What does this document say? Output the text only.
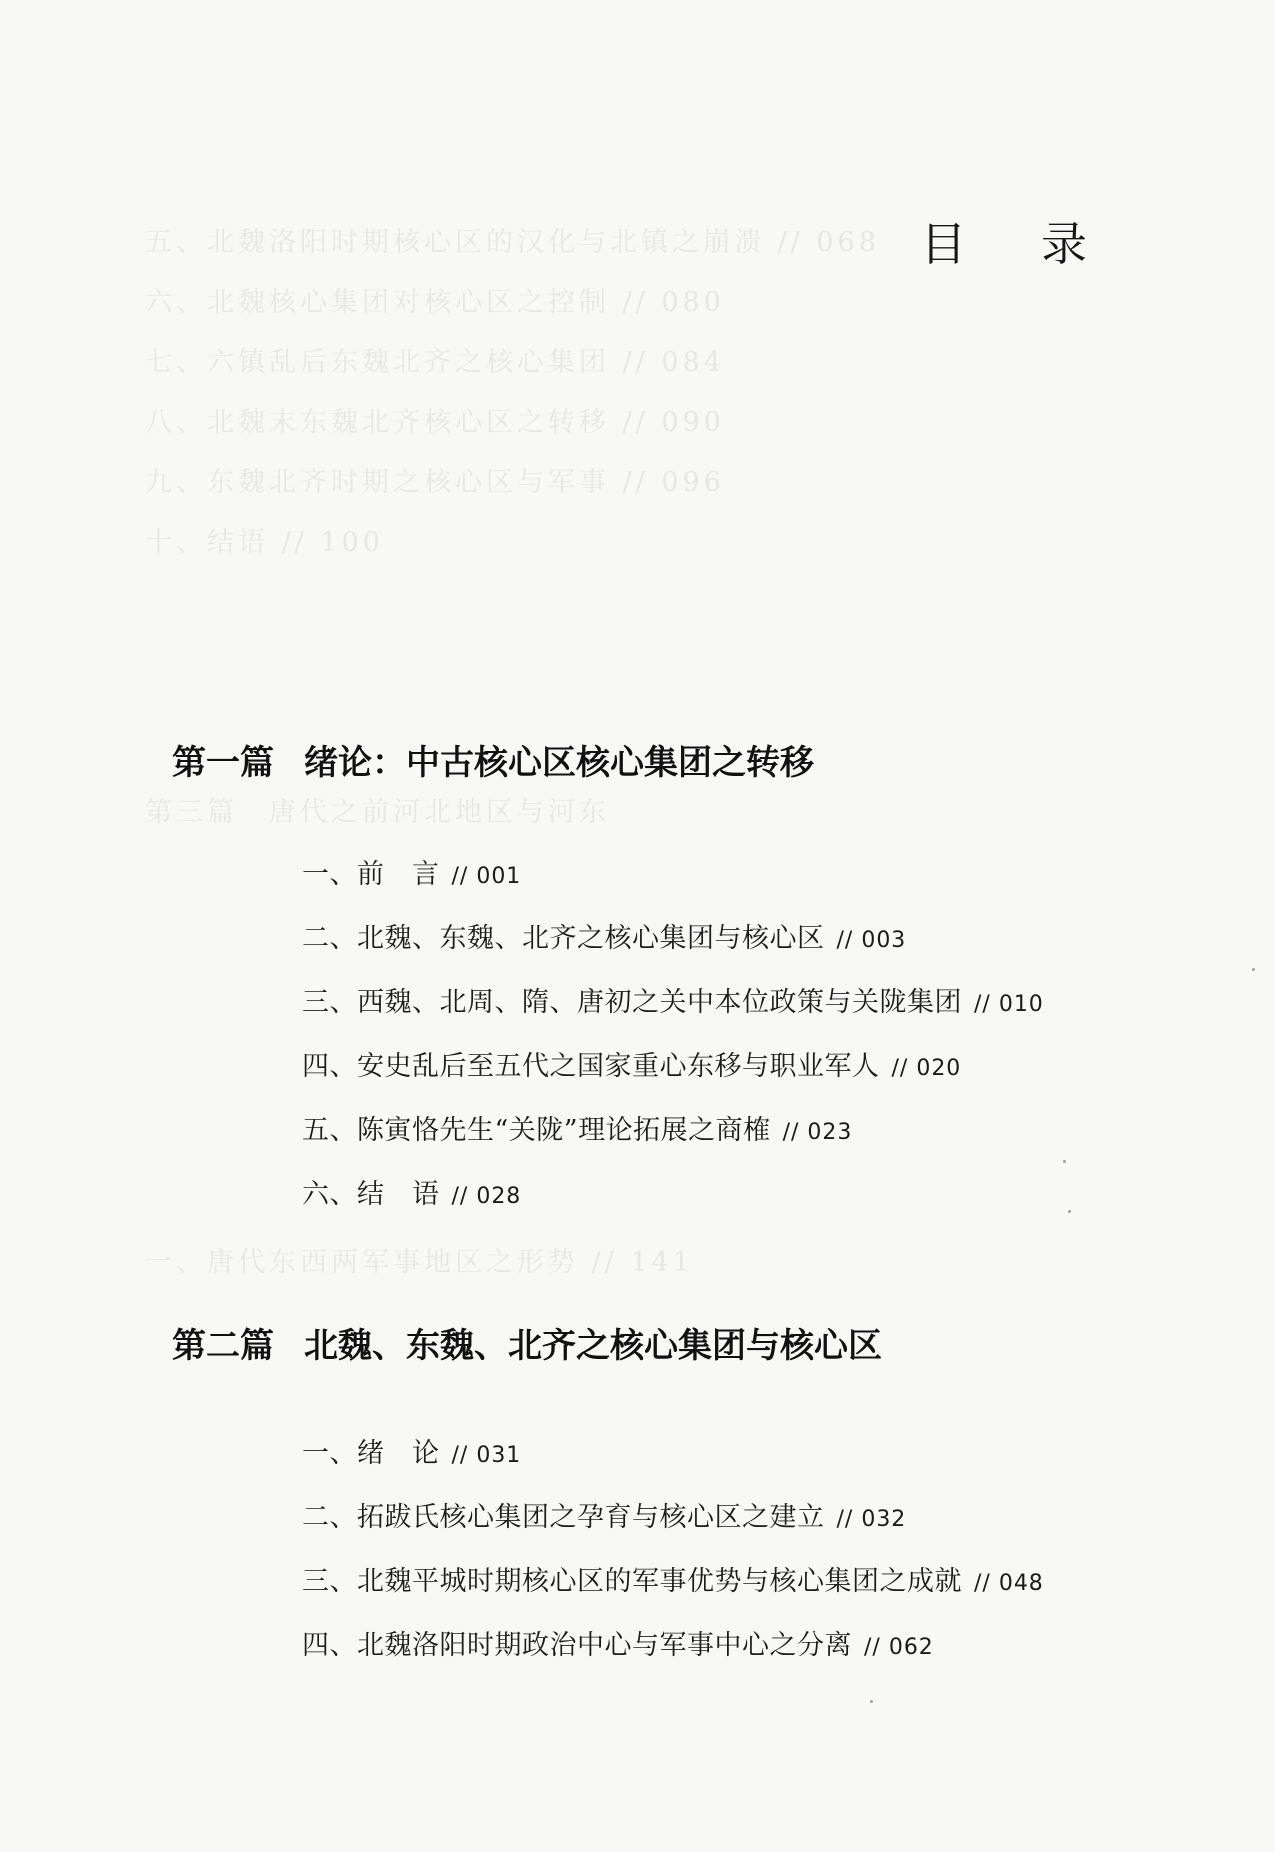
五、北魏洛阳时期核心区的汉化与北镇之崩溃 // 068
六、北魏核心集团对核心区之控制 // 080
七、六镇乱后东魏北齐之核心集团 // 084
八、北魏末东魏北齐核心区之转移 // 090
九、东魏北齐时期之核心区与军事 // 096
十、结语 // 100
第三篇　唐代之前河北地区与河东
一、唐代东西两军事地区之形势 // 141
目 录
第一篇 绪论：中古核心区核心集团之转移
一、前　言 // 001
二、北魏、东魏、北齐之核心集团与核心区 // 003
三、西魏、北周、隋、唐初之关中本位政策与关陇集团 // 010
四、安史乱后至五代之国家重心东移与职业军人 // 020
五、陈寅恪先生“关陇”理论拓展之商榷 // 023
六、结　语 // 028
第二篇 北魏、东魏、北齐之核心集团与核心区
一、绪　论 // 031
二、拓跋氏核心集团之孕育与核心区之建立 // 032
三、北魏平城时期核心区的军事优势与核心集团之成就 // 048
四、北魏洛阳时期政治中心与军事中心之分离 // 062
